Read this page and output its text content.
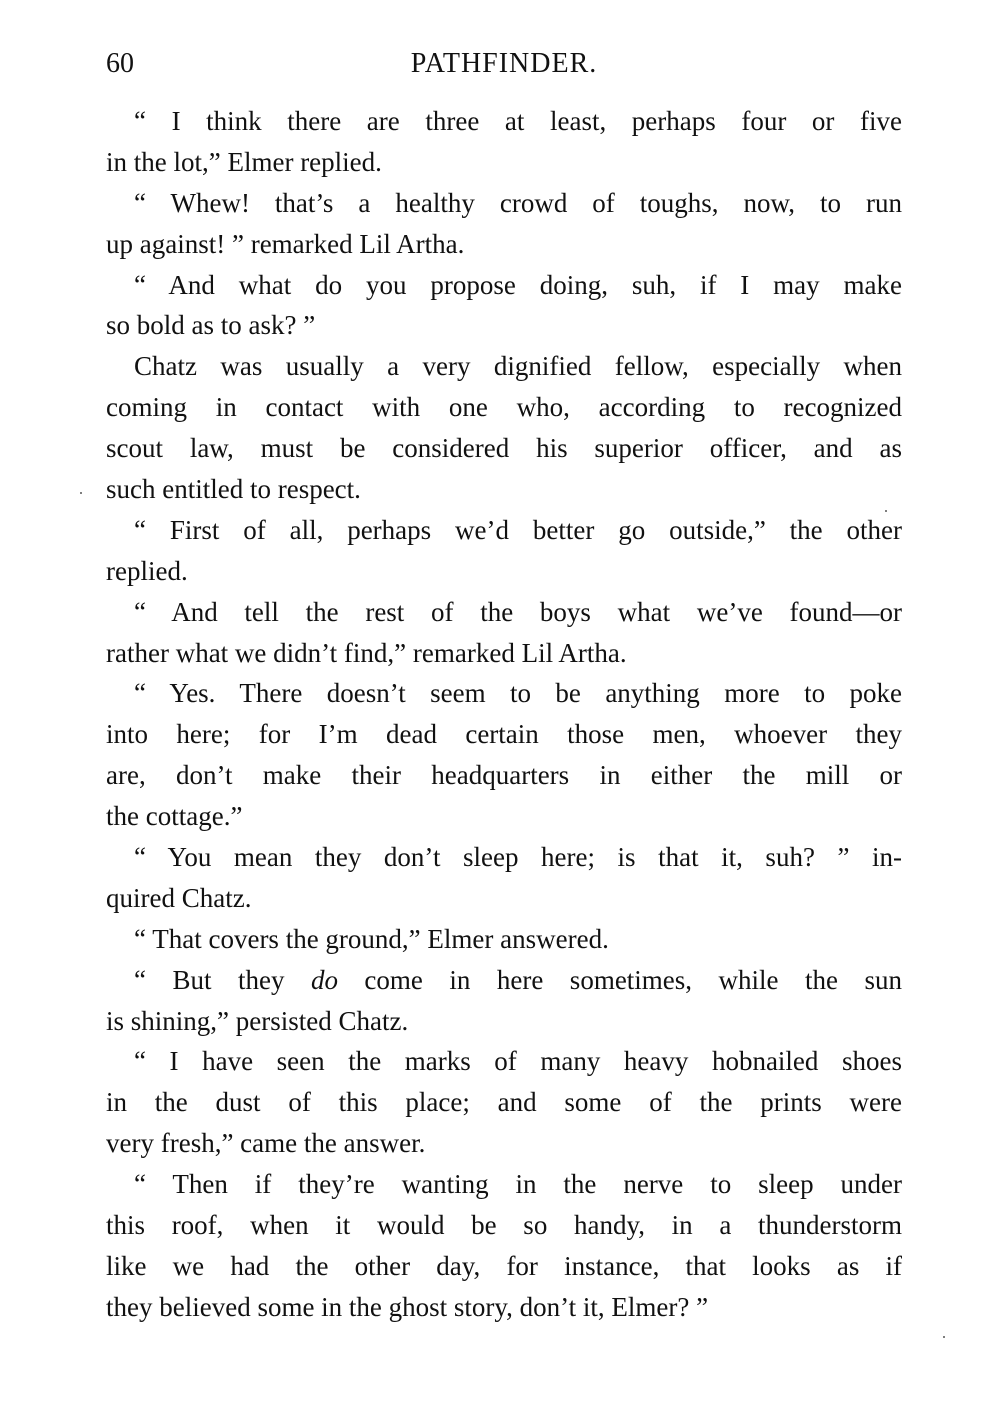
60	PATHFINDER.
“ I think there are three at least, perhaps four or five
in the lot,” Elmer replied.
“ Whew! that’s a healthy crowd of toughs, now, to run
up against! ” remarked Lil Artha.
“ And what do you propose doing, suh, if I may make
so bold as to ask? ”
Chatz was usually a very dignified fellow, especially when
coming in contact with one who, according to recognized
scout law, must be considered his superior officer, and as
such entitled to respect.
“ First of all, perhaps we’d better go outside,” the other
replied.
“ And tell the rest of the boys what we’ve found—or
rather what we didn’t find,” remarked Lil Artha.
“ Yes. There doesn’t seem to be anything more to poke
into here; for I’m dead certain those men, whoever they
are, don’t make their headquarters in either the mill or
the cottage.”
“ You mean they don’t sleep here; is that it, suh? ” in-
quired Chatz.
“ That covers the ground,” Elmer answered.
“ But they do come in here sometimes, while the sun
is shining,” persisted Chatz.
“ I have seen the marks of many heavy hobnailed shoes
in the dust of this place; and some of the prints were
very fresh,” came the answer.
“ Then if they’re wanting in the nerve to sleep under
this roof, when it would be so handy, in a thunderstorm
like we had the other day, for instance, that looks as if
they believed some in the ghost story, don’t it, Elmer? ”
